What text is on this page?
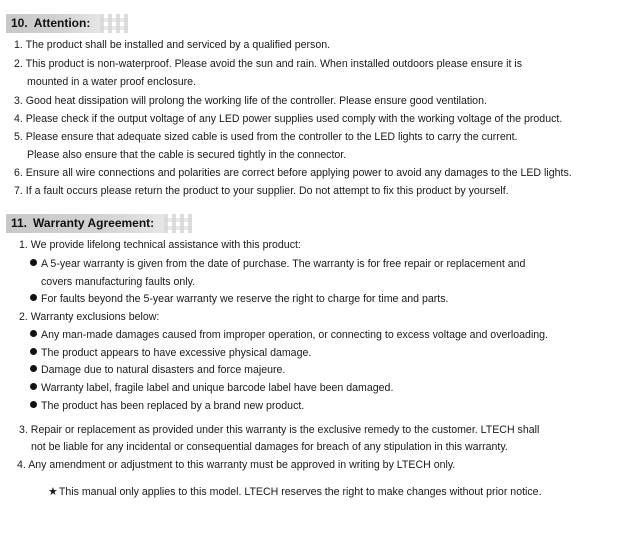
10. Attention:
1. The product shall be installed and serviced by a qualified person.
2. This product is non-waterproof. Please avoid the sun and rain. When installed outdoors please ensure it is
mounted in a water proof enclosure.
3. Good heat dissipation will prolong the working life of the controller. Please ensure good ventilation.
4. Please check if the output voltage of any LED power supplies used comply with the working voltage of the product.
5. Please ensure that adequate sized cable is used from the controller to the LED lights to carry the current.
Please also ensure that the cable is secured tightly in the connector.
6. Ensure all wire connections and polarities are correct before applying power to avoid any damages to the LED lights.
7. If a fault occurs please return the product to your supplier. Do not attempt to fix this product by yourself.
11. Warranty Agreement:
1. We provide lifelong technical assistance with this product:
A 5-year warranty is given from the date of purchase. The warranty is for free repair or replacement and
covers manufacturing faults only.
For faults beyond the 5-year warranty we reserve the right to charge for time and parts.
2. Warranty exclusions below:
Any man-made damages caused from improper operation, or connecting to excess voltage and overloading.
The product appears to have excessive physical damage.
Damage due to natural disasters and force majeure.
Warranty label, fragile label and unique barcode label have been damaged.
The product has been replaced by a brand new product.
3. Repair or replacement as provided under this warranty is the exclusive remedy to the customer. LTECH shall
not be liable for any incidental or consequential damages for breach of any stipulation in this warranty.
4. Any amendment or adjustment to this warranty must be approved in writing by LTECH only.
★This manual only applies to this model. LTECH reserves the right to make changes without prior notice.
